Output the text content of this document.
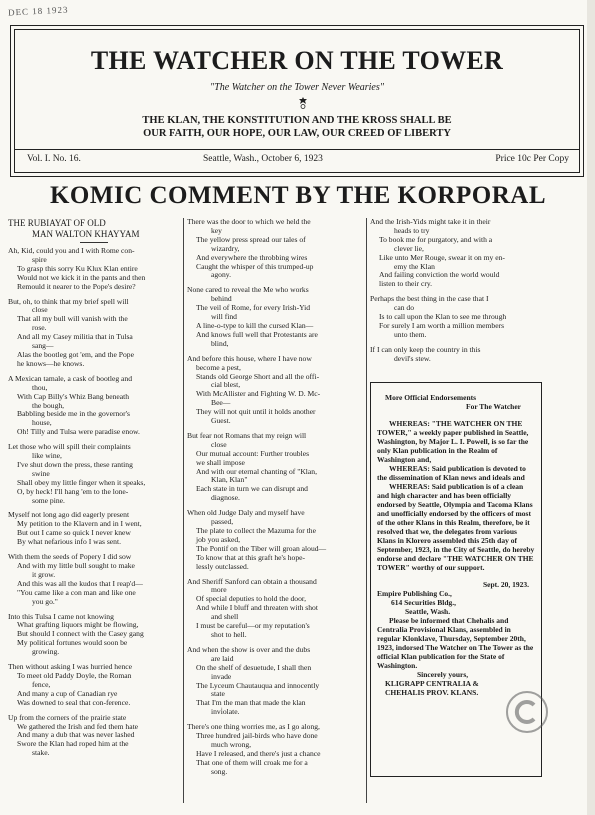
DEC 18 1923
THE WATCHER ON THE TOWER
"The Watcher on the Tower Never Wearies"
THE KLAN, THE KONSTITUTION AND THE KROSS SHALL BE
OUR FAITH, OUR HOPE, OUR LAW, OUR CREED OF LIBERTY
Vol. I. No. 16.	Seattle, Wash., October 6, 1923	Price 10c Per Copy
KOMIC COMMENT BY THE KORPORAL
THE RUBIAYAT OF OLD
MAN WALTON KHAYYAM
Ah, Kid, could you and I with Rome con-
spire
To grasp this sorry Ku Klux Klan entire
Would not we kick it in the pants and then
Remould it nearer to the Pope's desire?
But, oh, to think that my brief spell will
close
That all my bull will vanish with the
rose.
And all my Casey militia that in Tulsa
sang—
Alas the bootleg got 'em, and the Pope
he knows—he knows.
A Mexican tamale, a cask of bootleg and
thou,
With Cap Billy's Whiz Bang beneath
the bough,
Babbling beside me in the governor's
house,
Oh! Tilly and Tulsa were paradise enow.
Let those who will spill their complaints
like wine,
I've shut down the press, these ranting
swine
Shall obey my little finger when it speaks,
O, by heck! I'll hang 'em to the lone-
some pine.
Myself not long ago did eagerly present
My petition to the Klavern and in I went,
But out I came so quick I never knew
By what nefarious info I was sent.
With them the seeds of Popery I did sow
And with my little bull sought to make
it grow.
And this was all the kudos that I reap'd—
"You came like a con man and like one
you go."
Into this Tulsa I came not knowing
What grafting liquors might be flowing,
But should I connect with the Casey gang
My political fortunes would soon be
growing.
Then without asking I was hurried hence
To meet old Paddy Doyle, the Roman
fence,
And many a cup of Canadian rye
Was downed to seal that con-ference.
Up from the corners of the prairie state
We gathered the Irish and fed them hate
And many a dub that was never lashed
Swore the Klan had roped him at the
stake.
There was the door to which we held the
key
The yellow press spread our tales of
wizardry,
And everywhere the throbbing wires
Caught the whisper of this trumped-up
agony.
None cared to reveal the Me who works
behind
The veil of Rome, for every Irish-Yid
will find
A line-o-type to kill the cursed Klan—
And knows full well that Protestants are
blind,
And before this house, where I have now
become a pest,
Stands old George Short and all the offi-
cial blest,
With McAllister and Fighting W. D. Mc-
Bee—
They will not quit until it holds another
Guest.
But fear not Romans that my reign will
close
Our mutual account: Further troubles
we shall impose
And with our eternal chanting of "Klan,
Klan, Klan"
Each state in turn we can disrupt and
diagnose.
When old Judge Daly and myself have
passed,
The plate to collect the Mazuma for the
job you asked,
The Pontif on the Tiber will groan aloud—
To know that at this graft he's hope-
lessly outclassed.
And Sheriff Sanford can obtain a thousand
more
Of special deputies to hold the door,
And while I bluff and threaten with shot
and shell
I must be careful—or my reputation's
shot to hell.
And when the show is over and the dubs
are laid
On the shelf of desuetude, I shall then
invade
The Lyceum Chautauqua and innocently
state
That I'm the man that made the klan
invi̇olate.
There's one thing worries me, as I go along,
Three hundred jail-birds who have done
much wrong,
Have I released, and there's just a chance
That one of them will croak me for a
song.
And the Irish-Yids might take it in their
heads to try
To book me for purgatory, and with a
clever lie,
Like unto Mer Rouge, swear it on my en-
emy the Klan
And failing conviction the world would
listen to their cry.
Perhaps the best thing in the case that I
can do
Is to call upon the Klan to see me through
For surely I am worth a million members
unto them.
If I can only keep the country in this
devil's stew.
More Official Endorsements
For The Watcher

WHEREAS: "THE WATCHER ON THE TOWER," a weekly paper published in Seattle, Washington, by Major L. I. Powell, is so far the only Klan publication in the Realm of Washington and,

WHEREAS: Said publication is devoted to the dissemination of Klan news and ideals and

WHEREAS: Said publication is of a clean and high character and has been officially endorsed by Seattle, Olympia and Tacoma Klans and unofficially endorsed by the officers of most of the other Klans in this Realm, therefore, be it resolved that we, the delegates from various Klans in Klorero assembled this 25th day of September, 1923, in the City of Seattle, do hereby endorse and declare "THE WATCHER ON THE TOWER" worthy of our support.

Sept. 20, 1923.
Empire Publishing Co.,
614 Securities Bldg.,
Seattle, Wash.

Please be informed that Chehalis and Centralia Provisional Klans, assembled in regular Klonklave, Thursday, September 20th, 1923, indorsed The Watcher on The Tower as the official Klan publication for the State of Washington.

Sincerely yours,
KLIGRAPP CENTRALIA &
CHEHALIS PROV. KLANS.
